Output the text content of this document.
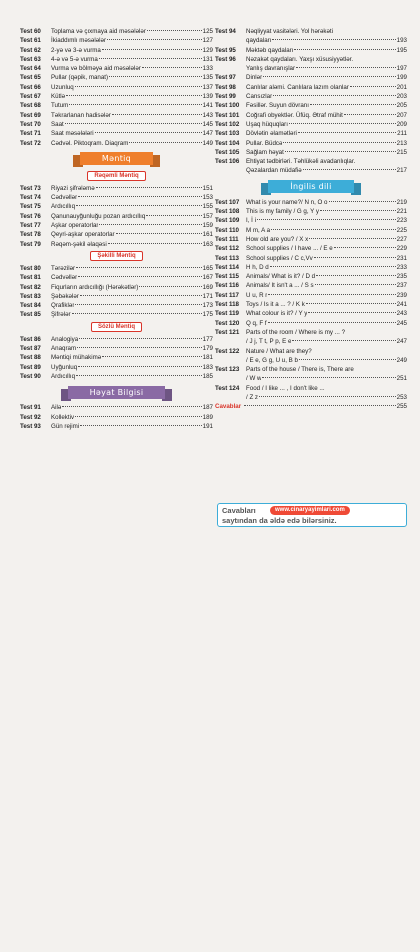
Test 60	Toplama və çıxmaya aid məsələlər	125
Test 61	İkiaddımlı məsələlər	127
Test 62	2-yə və 3-ə vurma	129
Test 63	4-ə və 5-ə vurma	131
Test 64	Vurma və bölməyə aid məsələlər	133
Test 65	Pullar (qəpik, manat)	135
Test 66	Uzunluq	137
Test 67	Kütlə	139
Test 68	Tutum	141
Test 69	Təkrarlanan hadisələr	143
Test 70	Saat	145
Test 71	Saat məsələləri	147
Test 72	Cədvəl. Piktoqram. Diaqram	149
Məntiq
Rəqəmli Məntiq
Test 73	Riyazi şifrələmə	151
Test 74	Cədvəllər	153
Test 75	Ardıcıllıq	155
Test 76	Qanunauyğunluğu pozan ardıcıllıq	157
Test 77	Aşkar operatorlar	159
Test 78	Qeyri-aşkar operatorlar	161
Test 79	Rəqəm-şəkil əlaqəsi	163
Şəkilli Məntiq
Test 80	Tərəzilər	165
Test 81	Cədvəllər	167
Test 82	Fiqurların ardıcıllığı (Hərəkətlər)	169
Test 83	Şəbəkələr	171
Test 84	Qrafiklər	173
Test 85	Şifrələr	175
Sözlü Məntiq
Test 86	Analogiya	177
Test 87	Anaqram	179
Test 88	Məntiqi mühakimə	181
Test 89	Uyğunluq	183
Test 90	Ardıcıllıq	185
Həyat Bilgisi
Test 91	Ailə	187
Test 92	Kollektiv	189
Test 93	Gün rejimi	191
Test 94	Nəqliyyat vasitələri. Yol hərəkəti
qaydaları	193
Test 95	Məktəb qaydaları	195
Test 96	Nəzakət qaydaları. Yaxşı xüsusiyyətlər.
Yanlış davranışlar	197
Test 97	Dinlər	199
Test 98	Canlılar aləmi. Canlılara lazım olanlar	201
Test 99	Cansızlar	203
Test 100	Fəsillər. Suyun dövranı	205
Test 101	Coğrafi obyektlər. Üfüq. Ətraf mühit	207
Test 102	Uşaq hüquqları	209
Test 103	Dövlətin əlamətləri	211
Test 104	Pullar. Büdcə	213
Test 105	Sağlam həyat	215
Test 106	Ehtiyat tədbirləri. Təhlükəli avadanlıqlar.
Qəzalardan müdafiə	217
İngilis dili
Test 107	What is your name?/ N n, O o	219
Test 108	This is my family / G g, Y y	221
Test 109	I, İ i	223
Test 110	M m, A a	225
Test 111	How old are you? / X x	227
Test 112	School supplies / I have ... / E e	229
Test 113	School supplies / C c,Vv	231
Test 114	H h, D d	233
Test 115	Animals/ What is it? / D d	235
Test 116	Animals/ It isn't a ... / S s	237
Test 117	U u, R r	239
Test 118	Toys / Is it a ... ? / K k	241
Test 119	What colour is it? / Y y	243
Test 120	Q q, F f	245
Test 121	Parts of the room / Where is my ... ?
/ J j, T t, P p, E e	247
Test 122	Nature / What are they?
/ E e, G g, U u, B b	249
Test 123	Parts of the house / There is, There are
/ W w	251
Test 124	Food / I like ... , I don't like ...
/ Z z	253
Cavablar	255
Cavabları	www.cinaryayimlari.com
saytından da əldə edə bilərsiniz.
